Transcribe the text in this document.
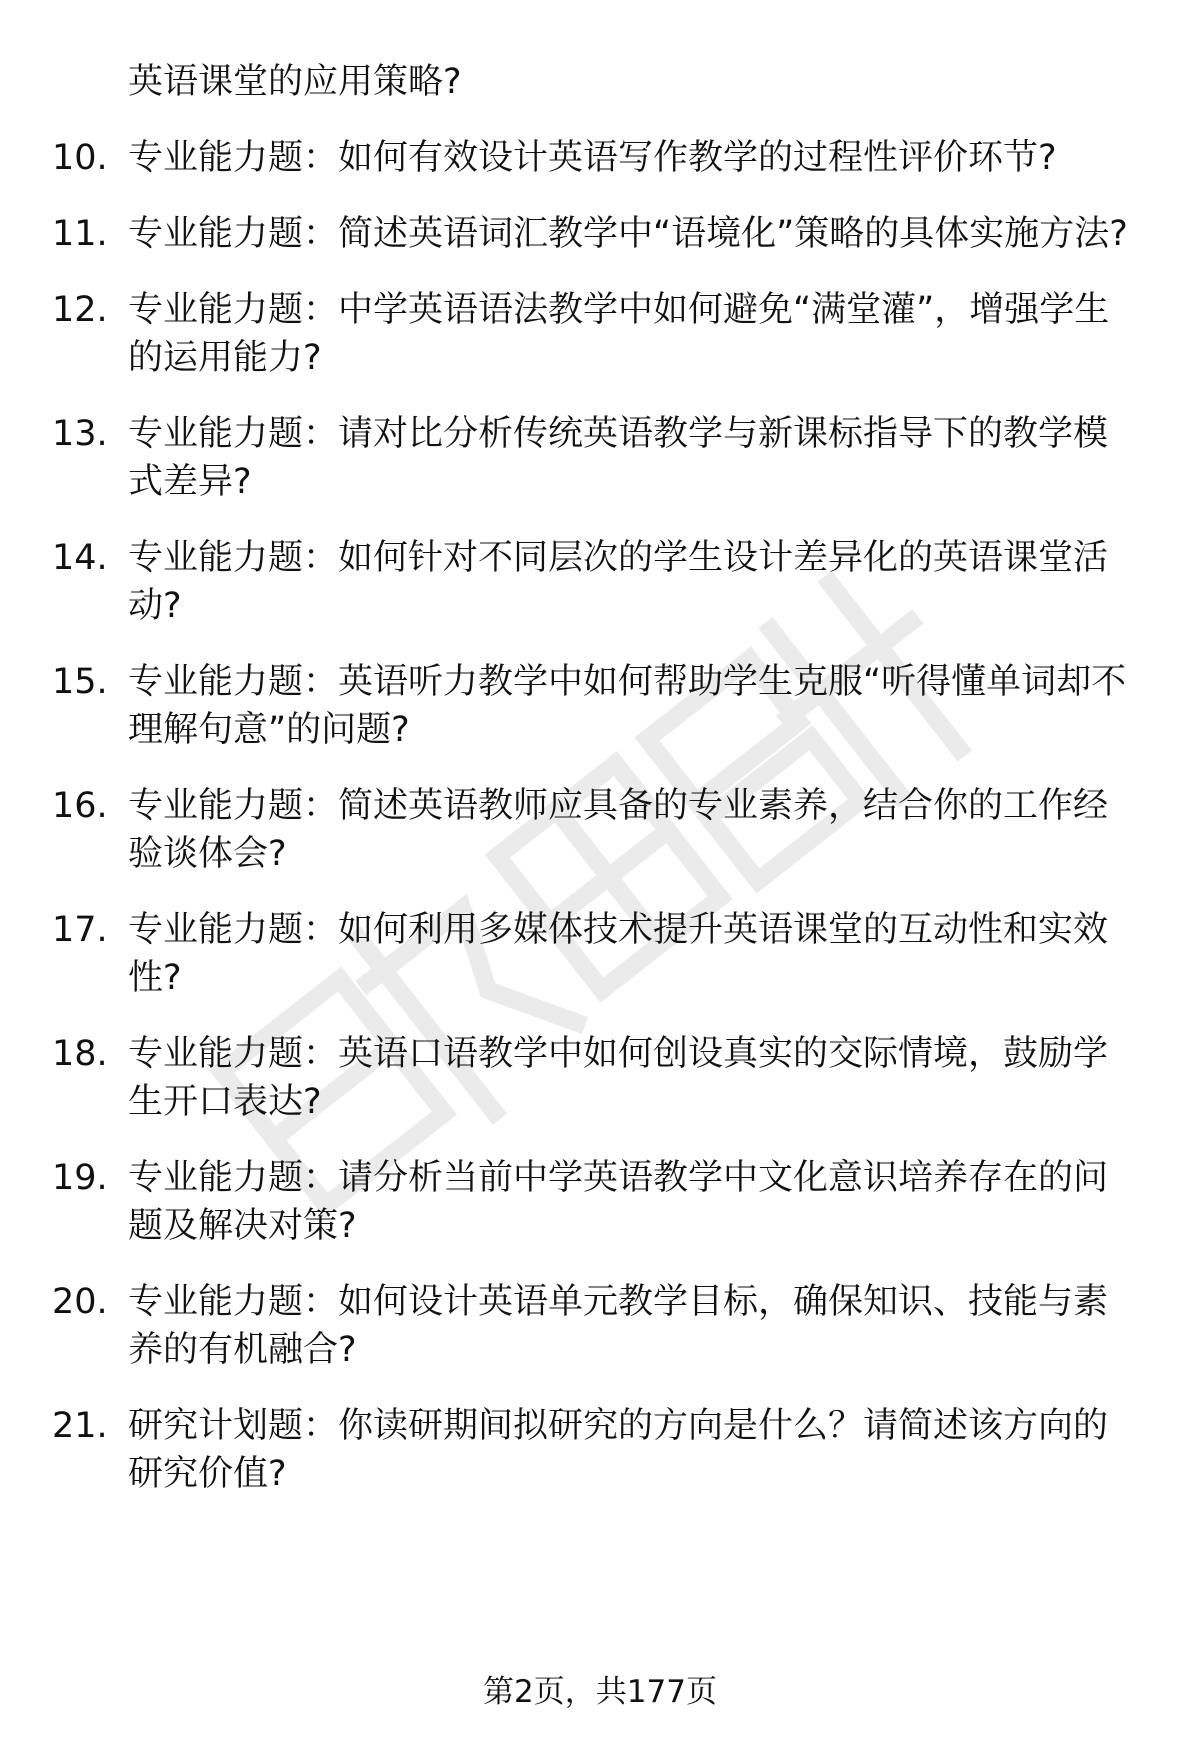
英语课堂的应用策略?

10. 专业能力题：如何有效设计英语写作教学的过程性评价环节?
11. 专业能力题：简述英语词汇教学中“语境化”策略的具体实施方法?
12. 专业能力题：中学英语语法教学中如何避免“满堂灌”，增强学生的运用能力?
13. 专业能力题：请对比分析传统英语教学与新课标指导下的教学模式差异?
14. 专业能力题：如何针对不同层次的学生设计差异化的英语课堂活动?
15. 专业能力题：英语听力教学中如何帮助学生克服“听得懂单词却不理解句意”的问题?
16. 专业能力题：简述英语教师应具备的专业素养，结合你的工作经验谈体会?
17. 专业能力题：如何利用多媒体技术提升英语课堂的互动性和实效性?
18. 专业能力题：英语口语教学中如何创设真实的交际情境，鼓励学生开口表达?
19. 专业能力题：请分析当前中学英语教学中文化意识培养存在的问题及解决对策?
20. 专业能力题：如何设计英语单元教学目标，确保知识、技能与素养的有机融合?
21. 研究计划题：你读研期间拟研究的方向是什么？请简述该方向的研究价值?
第2页，共177页
